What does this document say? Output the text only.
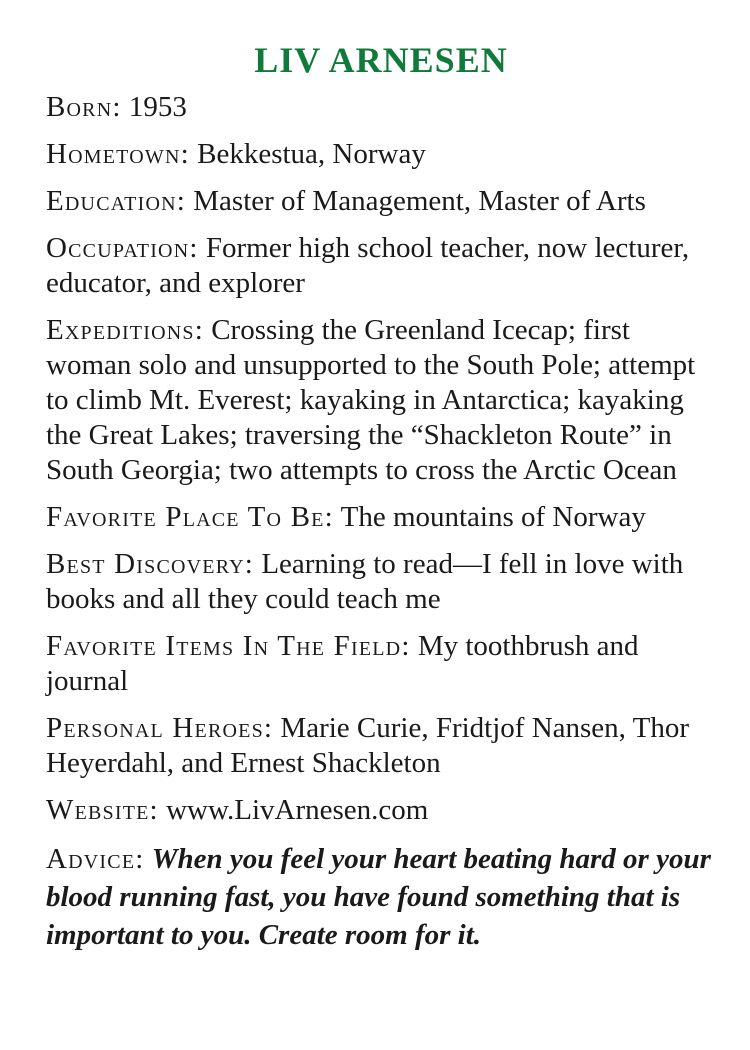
LIV ARNESEN

Born: 1953

Hometown: Bekkestua, Norway

Education: Master of Management, Master of Arts

Occupation: Former high school teacher, now lecturer, educator, and explorer

Expeditions: Crossing the Greenland Icecap; first woman solo and unsupported to the South Pole; attempt to climb Mt. Everest; kayaking in Antarctica; kayaking the Great Lakes; traversing the “Shackleton Route” in South Georgia; two attempts to cross the Arctic Ocean

Favorite Place To Be: The mountains of Norway

Best Discovery: Learning to read—I fell in love with books and all they could teach me

Favorite Items In The Field: My toothbrush and journal

Personal Heroes: Marie Curie, Fridtjof Nansen, Thor Heyerdahl, and Ernest Shackleton

Website: www.LivArnesen.com

Advice: When you feel your heart beating hard or your blood running fast, you have found something that is important to you. Create room for it.
